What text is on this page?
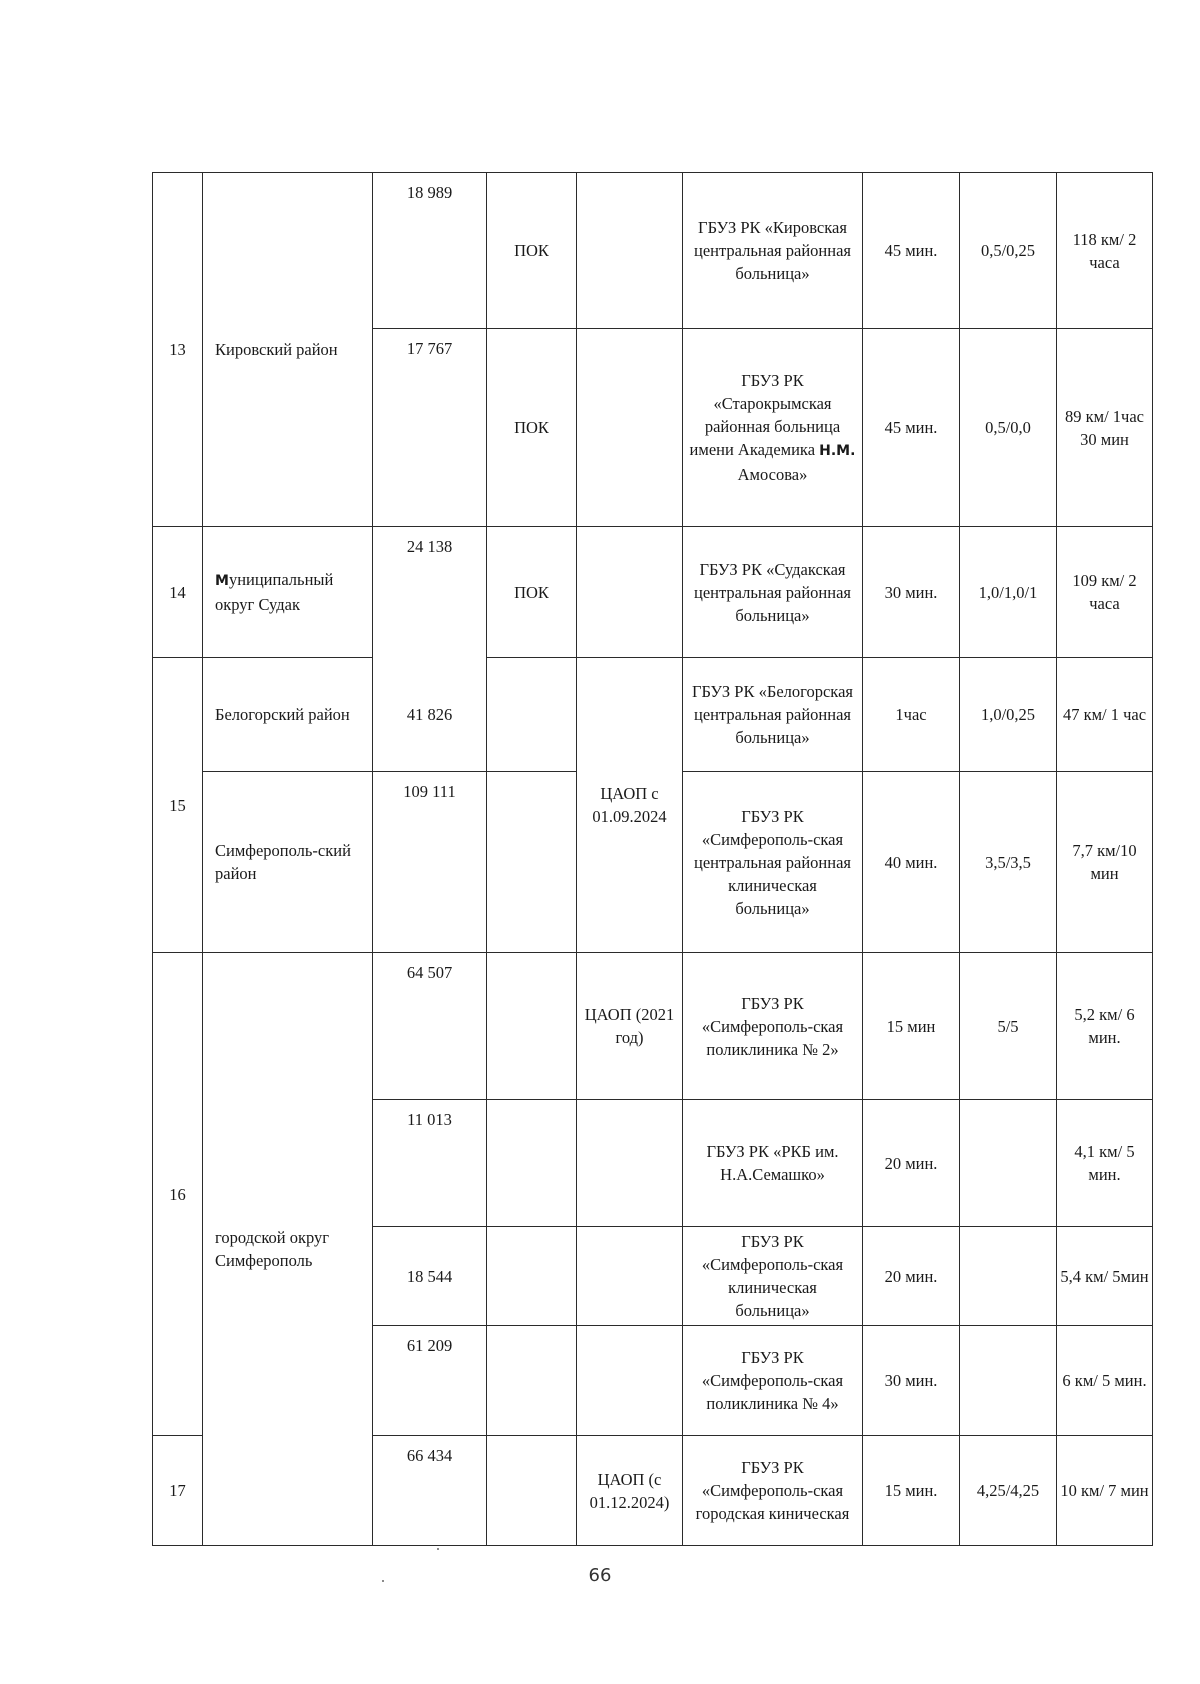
13	Кировский район	18 989	ПОК		ГБУЗ РК «Кировская центральная районная больница»	45 мин.	0,5/0,25	118 км/ 2 часа
		17 767	ПОК		ГБУЗ РК «Старокрымская районная больница имени Академика Н.М. Амосова»	45 мин.	0,5/0,0	89 км/ 1час 30 мин
14	Муниципальный округ Судак	24 138	ПОК		ГБУЗ РК «Судакская центральная районная больница»	30 мин.	1,0/1,0/1	109 км/ 2 часа
15	Белогорский район	41 826		ЦАОП с 01.09.2024	ГБУЗ РК «Белогорская центральная районная больница»	1час	1,0/0,25	47 км/ 1 час
	Симферополь-ский район	109 111			ГБУЗ РК «Симферополь-ская центральная районная клиническая больница»	40 мин.	3,5/3,5	7,7 км/10 мин
16	городской округ Симферополь	64 507		ЦАОП (2021 год)	ГБУЗ РК «Симферополь-ская поликлиника № 2»	15 мин	5/5	5,2 км/ 6 мин.
		11 013			ГБУЗ РК «РКБ им. Н.А.Семашко»	20 мин.		4,1 км/ 5 мин.
		18 544			ГБУЗ РК «Симферополь-ская клиническая больница»	20 мин.		5,4 км/ 5мин
		61 209			ГБУЗ РК «Симферополь-ская поликлиника № 4»	30 мин.		6 км/ 5 мин.
17		66 434		ЦАОП (с 01.12.2024)	ГБУЗ РК «Симферополь-ская городская киническая	15 мин.	4,25/4,25	10 км/ 7 мин
66
